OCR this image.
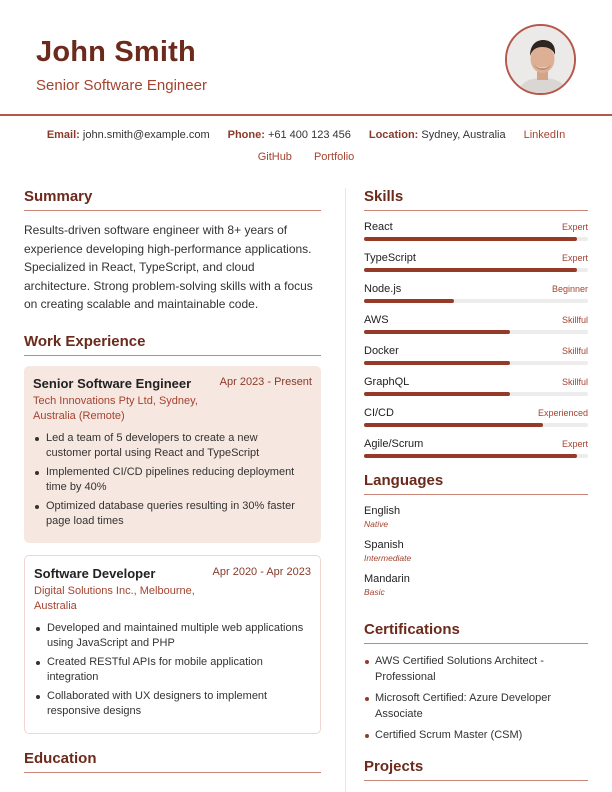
John Smith
Senior Software Engineer
Email: john.smith@example.com Phone: +61 400 123 456 Location: Sydney, Australia LinkedIn
GitHub Portfolio
Summary
Results-driven software engineer with 8+ years of experience developing high-performance applications. Specialized in React, TypeScript, and cloud architecture. Strong problem-solving skills with a focus on creating scalable and maintainable code.
Work Experience
Senior Software Engineer	Apr 2023 - Present
Tech Innovations Pty Ltd, Sydney, Australia (Remote)
Led a team of 5 developers to create a new customer portal using React and TypeScript
Implemented CI/CD pipelines reducing deployment time by 40%
Optimized database queries resulting in 30% faster page load times
Software Developer	Apr 2020 - Apr 2023
Digital Solutions Inc., Melbourne, Australia
Developed and maintained multiple web applications using JavaScript and PHP
Created RESTful APIs for mobile application integration
Collaborated with UX designers to implement responsive designs
Education
Skills
React	Expert
TypeScript	Expert
Node.js	Beginner
AWS	Skillful
Docker	Skillful
GraphQL	Skillful
CI/CD	Experienced
Agile/Scrum	Expert
Languages
English
Native
Spanish
Intermediate
Mandarin
Basic
Certifications
AWS Certified Solutions Architect - Professional
Microsoft Certified: Azure Developer Associate
Certified Scrum Master (CSM)
Projects
